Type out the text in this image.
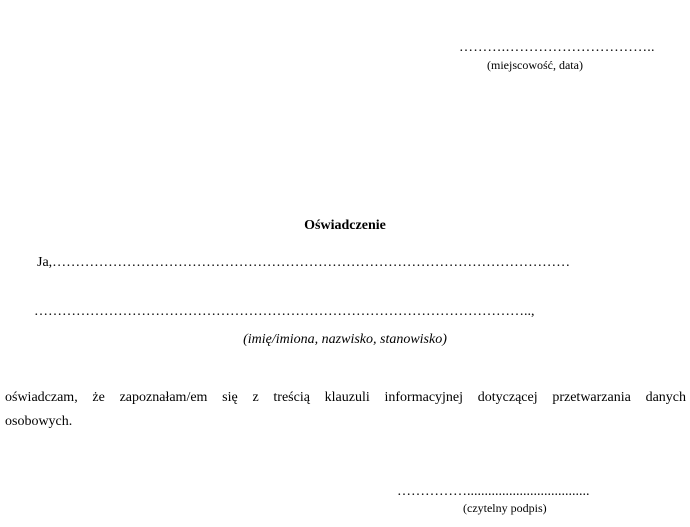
……….…………………………..
(miejscowość, data)
Oświadczenie
Ja,…………………………………………………………………………………………………
……………………………………………………………………………………………..,
(imię/imiona, nazwisko, stanowisko)
oświadczam, że zapoznałam/em się z treścią klauzuli informacyjnej dotyczącej przetwarzania danych
osobowych.
……………...................................
(czytelny podpis)
